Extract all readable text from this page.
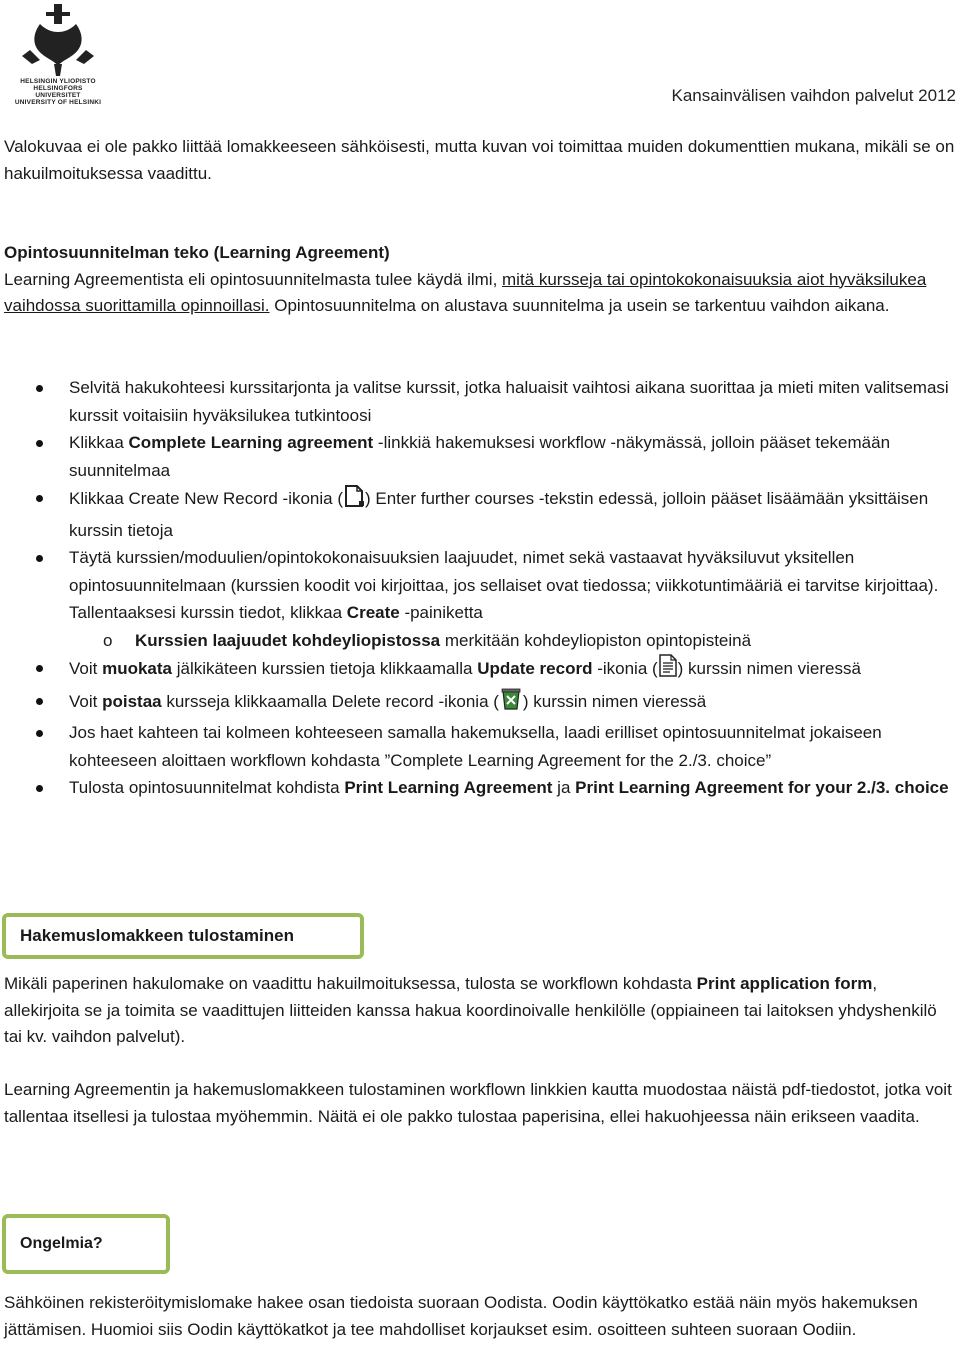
HELSINGIN YLIOPISTO
HELSINGFORS UNIVERSITET
UNIVERSITY OF HELSINKI	Kansainvälisen vaihdon palvelut 2012

Valokuvaa ei ole pakko liittää lomakkeeseen sähköisesti, mutta kuvan voi toimittaa muiden dokumenttien mukana, mikäli se on hakuilmoituksessa vaadittu.

Opintosuunnitelman teko (Learning Agreement)
Learning Agreementista eli opintosuunnitelmasta tulee käydä ilmi, mitä kursseja tai opintokokonaisuuksia aiot hyväksilukea vaihdossa suorittamilla opinnoillasi. Opintosuunnitelma on alustava suunnitelma ja usein se tarkentuu vaihdon aikana.

Selvitä hakukohteesi kurssitarjonta ja valitse kurssit, jotka haluaisit vaihtosi aikana suorittaa ja mieti miten valitsemasi kurssit voitaisiin hyväksilukea tutkintoosi
Klikkaa Complete Learning agreement -linkkiä hakemuksesi workflow -näkymässä, jolloin pääset tekemään suunnitelmaa
Klikkaa Create New Record -ikonia ( ) Enter further courses -tekstin edessä, jolloin pääset lisäämään yksittäisen kurssin tietoja
Täytä kurssien/moduulien/opintokokonaisuuksien laajuudet, nimet sekä vastaavat hyväksiluvut yksitellen opintosuunnitelmaan (kurssien koodit voi kirjoittaa, jos sellaiset ovat tiedossa; viikkotuntimääriä ei tarvitse kirjoittaa). Tallentaaksesi kurssin tiedot, klikkaa Create -painiketta
o Kurssien laajuudet kohdeyliopistossa merkitään kohdeyliopiston opintopisteinä
Voit muokata jälkikäteen kurssien tietoja klikkaamalla Update record -ikonia ( ) kurssin nimen vieressä
Voit poistaa kursseja klikkaamalla Delete record -ikonia ( ) kurssin nimen vieressä
Jos haet kahteen tai kolmeen kohteeseen samalla hakemuksella, laadi erilliset opintosuunnitelmat jokaiseen kohteeseen aloittaen workflown kohdasta ”Complete Learning Agreement for the 2./3. choice”
Tulosta opintosuunnitelmat kohdista Print Learning Agreement ja Print Learning Agreement for your 2./3. choice
Hakemuslomakkeen tulostaminen

Mikäli paperinen hakulomake on vaadittu hakuilmoituksessa, tulosta se workflown kohdasta Print application form, allekirjoita se ja toimita se vaadittujen liitteiden kanssa hakua koordinoivalle henkilölle (oppiaineen tai laitoksen yhdyshenkilö tai kv. vaihdon palvelut).

Learning Agreementin ja hakemuslomakkeen tulostaminen workflown linkkien kautta muodostaa näistä pdf-tiedostot, jotka voit tallentaa itsellesi ja tulostaa myöhemmin. Näitä ei ole pakko tulostaa paperisina, ellei hakuohjeessa näin erikseen vaadita.

Ongelmia?

Sähköinen rekisteröitymislomake hakee osan tiedoista suoraan Oodista. Oodin käyttökatko estää näin myös hakemuksen jättämisen. Huomioi siis Oodin käyttökatkot ja tee mahdolliset korjaukset esim. osoitteen suhteen suoraan Oodiin.
